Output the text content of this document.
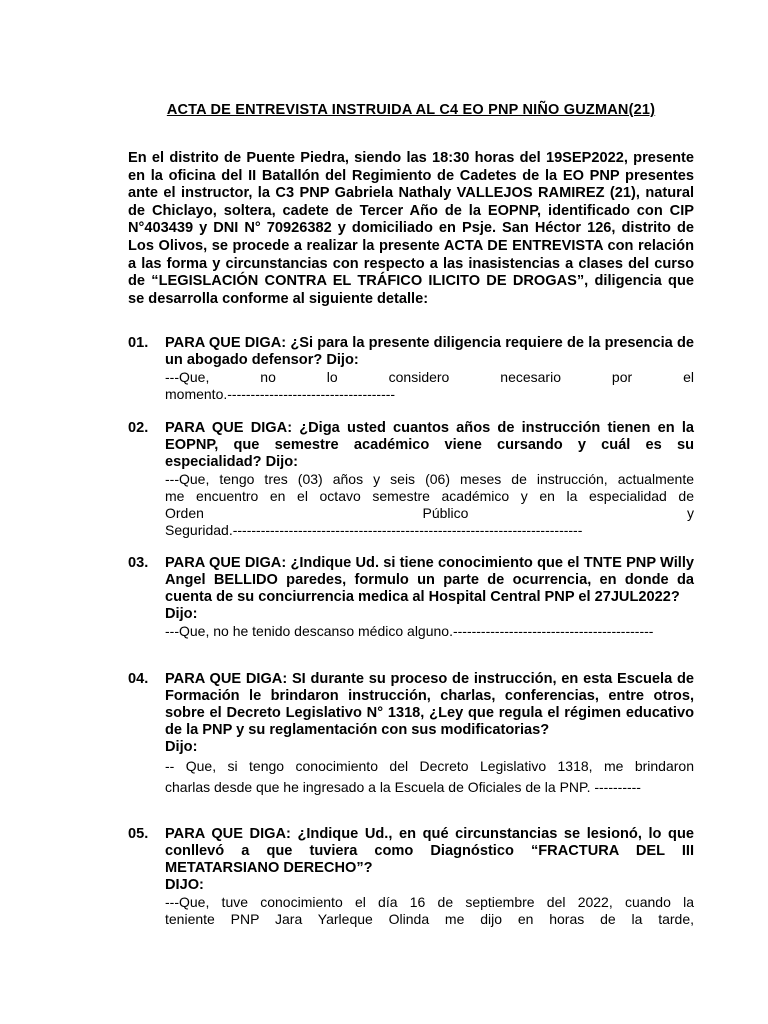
ACTA DE ENTREVISTA INSTRUIDA AL C4 EO PNP NIÑO GUZMAN(21)

En el distrito de Puente Piedra, siendo las 18:30 horas del 19SEP2022, presente en la oficina del II Batallón del Regimiento de Cadetes de la EO PNP presentes ante el instructor, la C3 PNP Gabriela Nathaly VALLEJOS RAMIREZ (21), natural de Chiclayo, soltera, cadete de Tercer Año de la EOPNP, identificado con CIP N°403439 y DNI N° 70926382 y domiciliado en Psje. San Héctor 126, distrito de Los Olivos, se procede a realizar la presente ACTA DE ENTREVISTA con relación a las forma y circunstancias con respecto a las inasistencias a clases del curso de “LEGISLACIÓN CONTRA EL TRÁFICO ILICITO DE DROGAS”, diligencia que se desarrolla conforme al siguiente detalle:

01. PARA QUE DIGA: ¿Si para la presente diligencia requiere de la presencia de un abogado defensor? Dijo:

---Que, no lo considero necesario por el

momento.------------------------------------

02. PARA QUE DIGA: ¿Diga usted cuantos años de instrucción tienen en la EOPNP, que semestre académico viene cursando y cuál es su especialidad? Dijo:

---Que, tengo tres (03) años y seis (06) meses de instrucción, actualmente

me encuentro en el octavo semestre académico y en la especialidad de

Orden Público y

Seguridad.---------------------------------------------------------------------------

03. PARA QUE DIGA: ¿Indique Ud. si tiene conocimiento que el TNTE PNP Willy Angel BELLIDO paredes, formulo un parte de ocurrencia, en donde da cuenta de su conciurrencia medica al Hospital Central PNP el 27JUL2022?

Dijo:

---Que, no he tenido descanso médico alguno.-------------------------------------------

04. PARA QUE DIGA: SI durante su proceso de instrucción, en esta Escuela de Formación le brindaron instrucción, charlas, conferencias, entre otros, sobre el Decreto Legislativo N° 1318, ¿Ley que regula el régimen educativo de la PNP y su reglamentación con sus modificatorias?

Dijo:

-- Que, si tengo conocimiento del Decreto Legislativo 1318, me brindaron

charlas desde que he ingresado a la Escuela de Oficiales de la PNP. ----------

05. PARA QUE DIGA: ¿Indique Ud., en qué circunstancias se lesionó, lo que conllevó a que tuviera como Diagnóstico “FRACTURA DEL III METATARSIANO DERECHO”?

DIJO:

---Que, tuve conocimiento el día 16 de septiembre del 2022, cuando la

teniente PNP Jara Yarleque Olinda me dijo en horas de la tarde,
